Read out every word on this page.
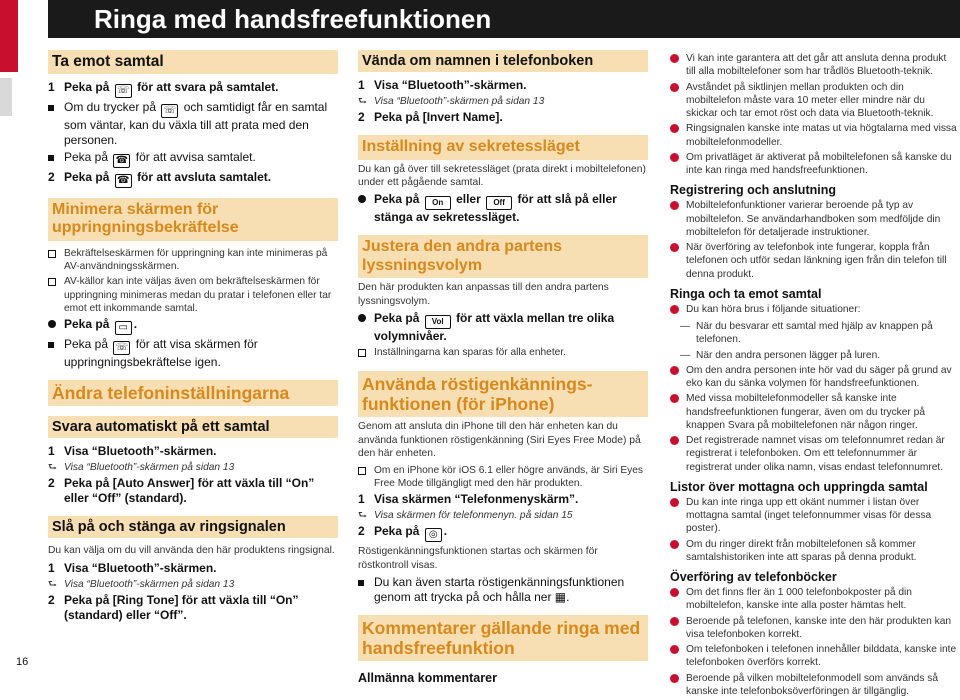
Ringa med handsfreefunktionen
Ta emot samtal
1 Peka på ☏ för att svara på samtalet.
Om du trycker på ☏ och samtidigt får en samtal som väntar, kan du växla till att prata med den personen.
Peka på ☎ för att avvisa samtalet.
2 Peka på ☎ för att avsluta samtalet.
Minimera skärmen för uppringningsbekräftelse
Bekräftelseskärmen för uppringning kan inte minimeras på AV-användningsskärmen.
AV-källor kan inte väljas även om bekräftelseskärmen för uppringning minimeras medan du pratar i telefonen eller tar emot ett inkommande samtal.
Peka på ▭ .
Peka på ☏ för att visa skärmen för uppringningsbekräftelse igen.
Ändra telefoninställningarna
Svara automatiskt på ett samtal
1 Visa “Bluetooth”-skärmen.
⮑ Visa “Bluetooth”-skärmen på sidan 13
2 Peka på [Auto Answer] för att växla till “On” eller “Off” (standard).
Slå på och stänga av ringsignalen
Du kan välja om du vill använda den här produktens ringsignal.
1 Visa “Bluetooth”-skärmen.
⮑ Visa “Bluetooth”-skärmen på sidan 13
2 Peka på [Ring Tone] för att växla till “On” (standard) eller “Off”.
Vända om namnen i telefonboken
1 Visa “Bluetooth”-skärmen.
⮑ Visa “Bluetooth”-skärmen på sidan 13
2 Peka på [Invert Name].
Inställning av sekretessläget
Du kan gå över till sekretessläget (prata direkt i mobiltelefonen) under ett pågående samtal.
Peka på On eller Off för att slå på eller stänga av sekretessläget.
Justera den andra partens lyssningsvolym
Den här produkten kan anpassas till den andra partens lyssningsvolym.
Peka på Vol för att växla mellan tre olika volymnivåer.
Inställningarna kan sparas för alla enheter.
Använda röstigenkännings-funktionen (för iPhone)
Genom att ansluta din iPhone till den här enheten kan du använda funktionen röstigenkänning (Siri Eyes Free Mode) på den här enheten.
Om en iPhone kör iOS 6.1 eller högre används, är Siri Eyes Free Mode tillgängligt med den här produkten.
1 Visa skärmen “Telefonmenyskärm”.
⮑ Visa skärmen för telefonmenyn. på sidan 15
2 Peka på ◎ .
Röstigenkänningsfunktionen startas och skärmen för röstkontroll visas.
Du kan även starta röstigenkänningsfunktionen genom att trycka på och hålla ner ▦.
Kommentarer gällande ringa med handsfreefunktion
Allmänna kommentarer
Vi kan inte garantera att det går att ansluta denna produkt till alla mobiltelefoner som har trådlös Bluetooth-teknik.
Avståndet på siktlinjen mellan produkten och din mobiltelefon måste vara 10 meter eller mindre när du skickar och tar emot röst och data via Bluetooth-teknik.
Ringsignalen kanske inte matas ut via högtalarna med vissa mobiltelefonmodeller.
Om privatläget är aktiverat på mobiltelefonen så kanske du inte kan ringa med handsfreefunktionen.
Registrering och anslutning
Mobiltelefonfunktioner varierar beroende på typ av mobiltelefon. Se användarhandboken som medföljde din mobiltelefon för detaljerade instruktioner.
När överföring av telefonbok inte fungerar, koppla från telefonen och utför sedan länkning igen från din telefon till denna produkt.
Ringa och ta emot samtal
Du kan höra brus i följande situationer:
— När du besvarar ett samtal med hjälp av knappen på telefonen.
— När den andra personen lägger på luren.
Om den andra personen inte hör vad du säger på grund av eko kan du sänka volymen för handsfreefunktionen.
Med vissa mobiltelefonmodeller så kanske inte handsfreefunktionen fungerar, även om du trycker på knappen Svara på mobiltelefonen när någon ringer.
Det registrerade namnet visas om telefonnumret redan är registrerat i telefonboken. Om ett telefonnummer är registrerat under olika namn, visas endast telefonnumret.
Listor över mottagna och uppringda samtal
Du kan inte ringa upp ett okänt nummer i listan över mottagna samtal (inget telefonnummer visas för dessa poster).
Om du ringer direkt från mobiltelefonen så kommer samtalshistoriken inte att sparas på denna produkt.
Överföring av telefonböcker
Om det finns fler än 1 000 telefonbokposter på din mobiltelefon, kanske inte alla poster hämtas helt.
Beroende på telefonen, kanske inte den här produkten kan visa telefonboken korrekt.
Om telefonboken i telefonen innehåller bilddata, kanske inte telefonboken överförs korrekt.
Beroende på vilken mobiltelefonmodell som används så kanske inte telefonboksöverföringen är tillgänglig.
16
